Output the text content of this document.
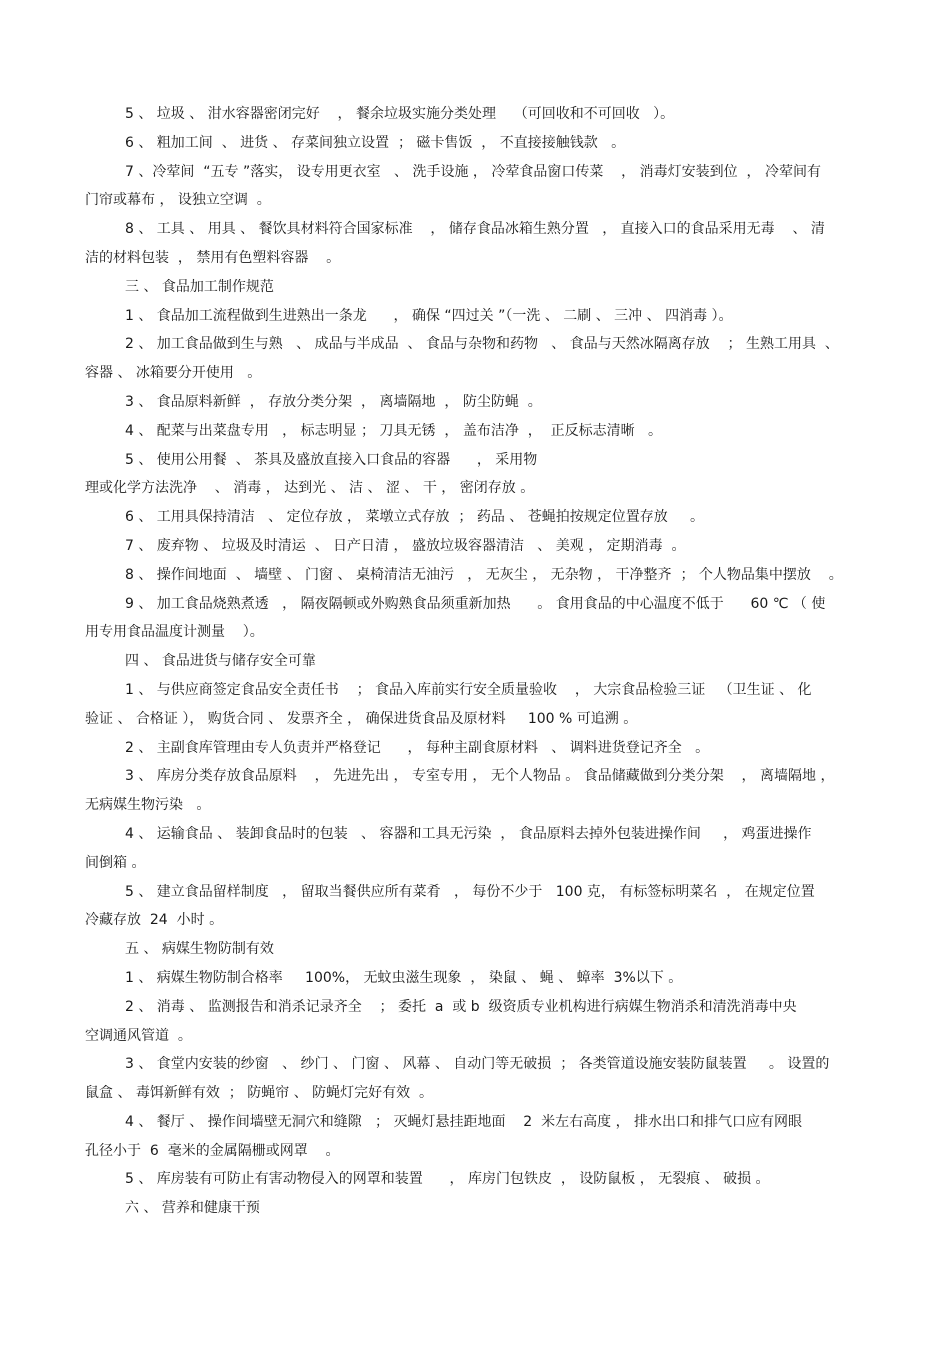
5 、 垃圾 、 泔水容器密闭完好    ， 餐余垃圾实施分类处理    （可回收和不可回收   ）。
6 、 粗加工间  、 进货 、 存菜间独立设置  ； 磁卡售饭  ， 不直接接触钱款   。
7 、冷荤间  “五专 ”落实， 设专用更衣室   、 洗手设施 ， 冷荤食品窗口传菜    ， 消毒灯安装到位  ， 冷荤间有
门帘或幕布 ， 设独立空调  。
8 、 工具 、 用具 、 餐饮具材料符合国家标准    ， 储存食品冰箱生熟分置   ， 直接入口的食品采用无毒    、 清
洁的材料包装  ， 禁用有色塑料容器    。
三 、 食品加工制作规范
1 、 食品加工流程做到生进熟出一条龙      ， 确保 “四过关 ”（一洗 、 二刷 、 三冲 、 四消毒 ）。
2 、 加工食品做到生与熟   、 成品与半成品  、 食品与杂物和药物   、 食品与天然冰隔离存放    ； 生熟工用具  、
容器 、 冰箱要分开使用   。
3 、 食品原料新鲜  ， 存放分类分架  ， 离墙隔地  ， 防尘防蝇  。
4 、 配菜与出菜盘专用   ， 标志明显 ； 刀具无锈  ， 盖布洁净  ，  正反标志清晰   。
5 、 使用公用餐  、 茶具及盛放直接入口食品的容器      ， 采用物
理或化学方法洗净    、 消毒 ， 达到光 、 洁 、 涩 、 干 ， 密闭存放 。
6 、 工用具保持清洁   、 定位存放 ， 菜墩立式存放  ； 药品 、 苍蝇拍按规定位置存放     。
7 、 废弃物 、 垃圾及时清运  、 日产日清 ， 盛放垃圾容器清洁   、 美观 ， 定期消毒  。
8 、 操作间地面  、 墙壁 、 门窗 、 桌椅清洁无油污   ， 无灰尘 ， 无杂物 ， 干净整齐  ； 个人物品集中摆放    。
9 、 加工食品烧熟煮透   ， 隔夜隔顿或外购熟食品须重新加热      。 食用食品的中心温度不低于      60 ℃ （ 使
用专用食品温度计测量    ）。
四 、 食品进货与储存安全可靠
1 、 与供应商签定食品安全责任书    ； 食品入库前实行安全质量验收    ， 大宗食品检验三证   （卫生证 、 化
验证 、 合格证 ）， 购货合同 、 发票齐全 ， 确保进货食品及原材料     100 % 可追溯 。
2 、 主副食库管理由专人负责并严格登记      ， 每种主副食原材料   、 调料进货登记齐全   。
3 、 库房分类存放食品原料    ， 先进先出 ， 专室专用 ， 无个人物品 。 食品储藏做到分类分架    ， 离墙隔地 ，
无病媒生物污染   。
4 、 运输食品 、 装卸食品时的包装   、 容器和工具无污染  ， 食品原料去掉外包装进操作间     ， 鸡蛋进操作
间倒箱 。
5 、 建立食品留样制度   ， 留取当餐供应所有菜肴   ， 每份不少于   100 克， 有标签标明菜名  ， 在规定位置
冷藏存放  24  小时 。
五 、 病媒生物防制有效
1 、 病媒生物防制合格率     100%， 无蚊虫滋生现象  ， 染鼠 、 蝇 、 蟑率  3%以下 。
2 、 消毒 、 监测报告和消杀记录齐全    ； 委托  a  或 b  级资质专业机构进行病媒生物消杀和清洗消毒中央
空调通风管道  。
3 、 食堂内安装的纱窗   、 纱门 、 门窗 、 风幕 、 自动门等无破损  ； 各类管道设施安装防鼠装置     。 设置的
鼠盒 、 毒饵新鲜有效  ； 防蝇帘 、 防蝇灯完好有效  。
4 、 餐厅 、 操作间墙壁无洞穴和缝隙   ； 灭蝇灯悬挂距地面    2  米左右高度 ， 排水出口和排气口应有网眼
孔径小于  6  毫米的金属隔栅或网罩    。
5 、 库房装有可防止有害动物侵入的网罩和装置      ， 库房门包铁皮  ， 设防鼠板 ， 无裂痕 、 破损 。
六 、 营养和健康干预
